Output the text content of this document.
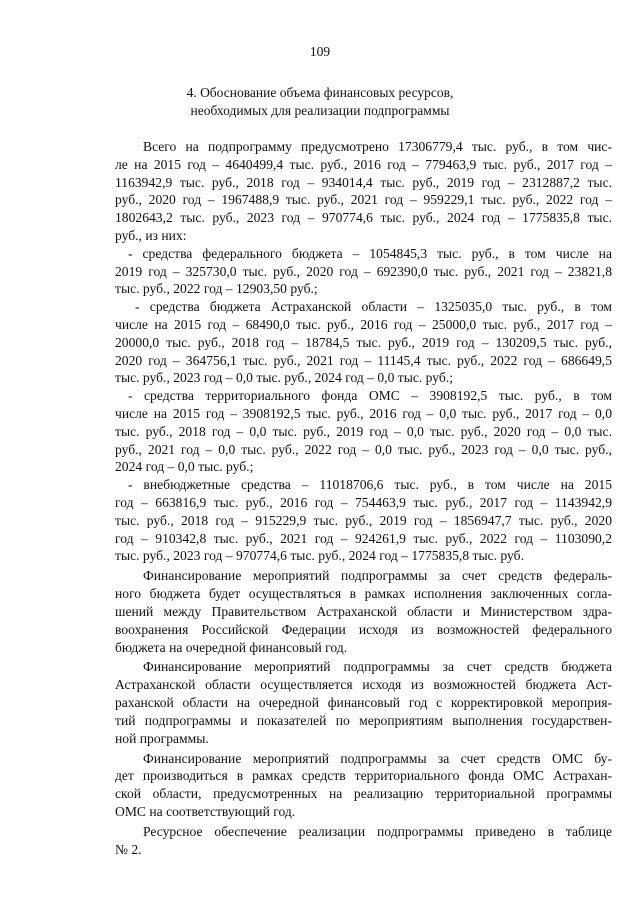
109
4. Обоснование объема финансовых ресурсов,
необходимых для реализации подпрограммы
Всего на подпрограмму предусмотрено 17306779,4 тыс. руб., в том чис-
ле на 2015 год – 4640499,4 тыс. руб., 2016 год – 779463,9 тыс. руб., 2017 год –
1163942,9 тыс. руб., 2018 год – 934014,4 тыс. руб., 2019 год – 2312887,2 тыс.
руб., 2020 год – 1967488,9 тыс. руб., 2021 год – 959229,1 тыс. руб., 2022 год –
1802643,2 тыс. руб., 2023 год – 970774,6 тыс. руб., 2024 год – 1775835,8 тыс.
руб., из них:
- средства федерального бюджета – 1054845,3 тыс. руб., в том числе на
2019 год – 325730,0 тыс. руб., 2020 год – 692390,0 тыс. руб., 2021 год – 23821,8
тыс. руб., 2022 год – 12903,50 руб.;
- средства бюджета Астраханской области – 1325035,0 тыс. руб., в том
числе на 2015 год – 68490,0 тыс. руб., 2016 год – 25000,0 тыс. руб., 2017 год –
20000,0 тыс. руб., 2018 год – 18784,5 тыс. руб., 2019 год – 130209,5 тыс. руб.,
2020 год – 364756,1 тыс. руб., 2021 год – 11145,4 тыс. руб., 2022 год – 686649,5
тыс. руб., 2023 год – 0,0 тыс. руб., 2024 год – 0,0 тыс. руб.;
- средства территориального фонда ОМС – 3908192,5 тыс. руб., в том
числе на 2015 год – 3908192,5 тыс. руб., 2016 год – 0,0 тыс. руб., 2017 год – 0,0
тыс. руб., 2018 год – 0,0 тыс. руб., 2019 год – 0,0 тыс. руб., 2020 год – 0,0 тыс.
руб., 2021 год – 0,0 тыс. руб., 2022 год – 0,0 тыс. руб., 2023 год – 0,0 тыс. руб.,
2024 год – 0,0 тыс. руб.;
- внебюджетные средства – 11018706,6 тыс. руб., в том числе на 2015
год – 663816,9 тыс. руб., 2016 год – 754463,9 тыс. руб., 2017 год – 1143942,9
тыс. руб., 2018 год – 915229,9 тыс. руб., 2019 год – 1856947,7 тыс. руб., 2020
год – 910342,8 тыс. руб., 2021 год – 924261,9 тыс. руб., 2022 год – 1103090,2
тыс. руб., 2023 год – 970774,6 тыс. руб., 2024 год – 1775835,8 тыс. руб.
Финансирование мероприятий подпрограммы за счет средств федераль-
ного бюджета будет осуществляться в рамках исполнения заключенных согла-
шений между Правительством Астраханской области и Министерством здра-
воохранения Российской Федерации исходя из возможностей федерального
бюджета на очередной финансовый год.
Финансирование мероприятий подпрограммы за счет средств бюджета
Астраханской области осуществляется исходя из возможностей бюджета Аст-
раханской области на очередной финансовый год с корректировкой мероприя-
тий подпрограммы и показателей по мероприятиям выполнения государствен-
ной программы.
Финансирование мероприятий подпрограммы за счет средств ОМС бу-
дет производиться в рамках средств территориального фонда ОМС Астрахан-
ской области, предусмотренных на реализацию территориальной программы
ОМС на соответствующий год.
Ресурсное обеспечение реализации подпрограммы приведено в таблице
№ 2.
